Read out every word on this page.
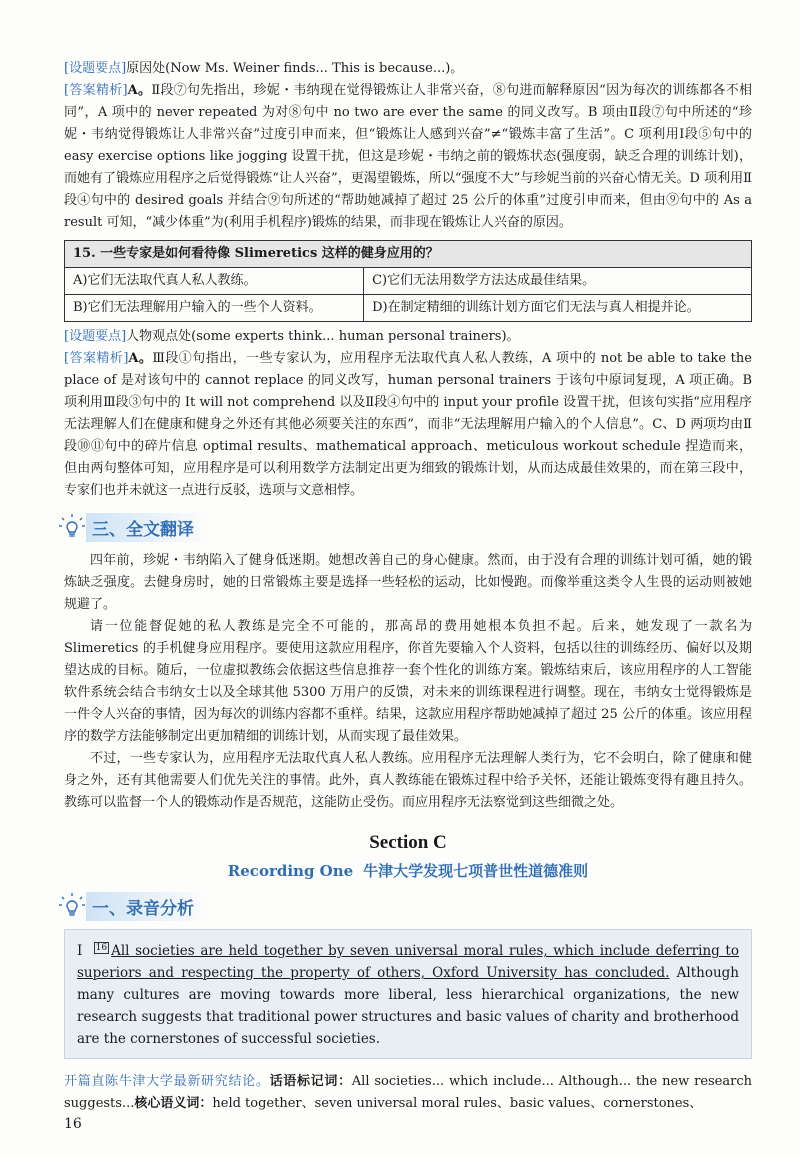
[设题要点]原因处(Now Ms. Weiner finds... This is because...)。

[答案精析]A。Ⅱ段⑦句先指出，珍妮・韦纳现在觉得锻炼让人非常兴奋，⑧句进而解释原因“因为每次的训练都各不相同”，A 项中的 never repeated 为对⑧句中 no two are ever the same 的同义改写。B 项由Ⅱ段⑦句中所述的“珍妮・韦纳觉得锻炼让人非常兴奋”过度引申而来，但“锻炼让人感到兴奋”≠“锻炼丰富了生活”。C 项利用Ⅰ段⑤句中的 easy exercise options like jogging 设置干扰，但这是珍妮・韦纳之前的锻炼状态(强度弱，缺乏合理的训练计划)，而她有了锻炼应用程序之后觉得锻炼“让人兴奋”，更渴望锻炼，所以“强度不大”与珍妮当前的兴奋心情无关。D 项利用Ⅱ段④句中的 desired goals 并结合⑨句所述的“帮助她减掉了超过 25 公斤的体重”过度引申而来，但由⑨句中的 As a result 可知，“减少体重”为(利用手机程序)锻炼的结果，而非现在锻炼让人兴奋的原因。

15. 一些专家是如何看待像 Slimeretics 这样的健身应用的？	
A)它们无法取代真人私人教练。	C)它们无法用数学方法达成最佳结果。
B)它们无法理解用户输入的一些个人资料。	D)在制定精细的训练计划方面它们无法与真人相提并论。

[设题要点]人物观点处(some experts think... human personal trainers)。

[答案精析]A。Ⅲ段①句指出，一些专家认为，应用程序无法取代真人私人教练，A 项中的 not be able to take the place of 是对该句中的 cannot replace 的同义改写，human personal trainers 于该句中原词复现，A 项正确。B 项利用Ⅲ段③句中的 It will not comprehend 以及Ⅱ段④句中的 input your profile 设置干扰，但该句实指“应用程序无法理解人们在健康和健身之外还有其他必须要关注的东西”，而非“无法理解用户输入的个人信息”。C、D 两项均由Ⅱ段⑩⑪句中的碎片信息 optimal results、mathematical approach、meticulous workout schedule 捏造而来，但由两句整体可知，应用程序是可以利用数学方法制定出更为细致的锻炼计划，从而达成最佳效果的，而在第三段中，专家们也并未就这一点进行反驳，选项与文意相悖。

三、全文翻译

四年前，珍妮・韦纳陷入了健身低迷期。她想改善自己的身心健康。然而，由于没有合理的训练计划可循，她的锻炼缺乏强度。去健身房时，她的日常锻炼主要是选择一些轻松的运动，比如慢跑。而像举重这类令人生畏的运动则被她规避了。

请一位能督促她的私人教练是完全不可能的，那高昂的费用她根本负担不起。后来，她发现了一款名为 Slimeretics 的手机健身应用程序。要使用这款应用程序，你首先要输入个人资料，包括以往的训练经历、偏好以及期望达成的目标。随后，一位虚拟教练会依据这些信息推荐一套个性化的训练方案。锻炼结束后，该应用程序的人工智能软件系统会结合韦纳女士以及全球其他 5300 万用户的反馈，对未来的训练课程进行调整。现在，韦纳女士觉得锻炼是一件令人兴奋的事情，因为每次的训练内容都不重样。结果，这款应用程序帮助她减掉了超过 25 公斤的体重。该应用程序的数学方法能够制定出更加精细的训练计划，从而实现了最佳效果。

不过，一些专家认为，应用程序无法取代真人私人教练。应用程序无法理解人类行为，它不会明白，除了健康和健身之外，还有其他需要人们优先关注的事情。此外，真人教练能在锻炼过程中给予关怀，还能让锻炼变得有趣且持久。教练可以监督一个人的锻炼动作是否规范，这能防止受伤。而应用程序无法察觉到这些细微之处。

Section C
Recording One 牛津大学发现七项普世性道德准则
一、录音分析

I 16 All societies are held together by seven universal moral rules, which include deferring to superiors and respecting the property of others, Oxford University has concluded. Although many cultures are moving towards more liberal, less hierarchical organizations, the new research suggests that traditional power structures and basic values of charity and brotherhood are the cornerstones of successful societies.

开篇直陈牛津大学最新研究结论。话语标记词：All societies... which include... Although... the new research suggests...核心语义词：held together、seven universal moral rules、basic values、cornerstones、

16
